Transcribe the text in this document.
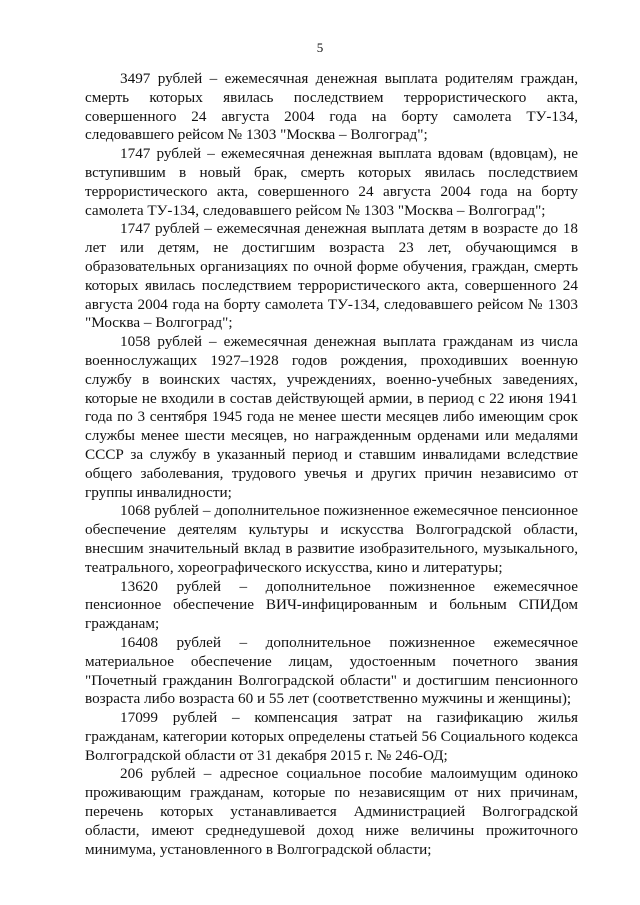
5

3497 рублей – ежемесячная денежная выплата родителям граждан, смерть которых явилась последствием террористического акта, совершенного 24 августа 2004 года на борту самолета ТУ-134, следовавшего рейсом № 1303 "Москва – Волгоград";

1747 рублей – ежемесячная денежная выплата вдовам (вдовцам), не вступившим в новый брак, смерть которых явилась последствием террористического акта, совершенного 24 августа 2004 года на борту самолета ТУ-134, следовавшего рейсом № 1303 "Москва – Волгоград";

1747 рублей – ежемесячная денежная выплата детям в возрасте до 18 лет или детям, не достигшим возраста 23 лет, обучающимся в образовательных организациях по очной форме обучения, граждан, смерть которых явилась последствием террористического акта, совершенного 24 августа 2004 года на борту самолета ТУ-134, следовавшего рейсом № 1303 "Москва – Волгоград";

1058 рублей – ежемесячная денежная выплата гражданам из числа военнослужащих 1927–1928 годов рождения, проходивших военную службу в воинских частях, учреждениях, военно-учебных заведениях, которые не входили в состав действующей армии, в период с 22 июня 1941 года по 3 сентября 1945 года не менее шести месяцев либо имеющим срок службы менее шести месяцев, но награжденным орденами или медалями СССР за службу в указанный период и ставшим инвалидами вследствие общего заболевания, трудового увечья и других причин независимо от группы инвалидности;

1068 рублей – дополнительное пожизненное ежемесячное пенсионное обеспечение деятелям культуры и искусства Волгоградской области, внесшим значительный вклад в развитие изобразительного, музыкального, театрального, хореографического искусства, кино и литературы;

13620 рублей – дополнительное пожизненное ежемесячное пенсионное обеспечение ВИЧ-инфицированным и больным СПИДом гражданам;

16408 рублей – дополнительное пожизненное ежемесячное материальное обеспечение лицам, удостоенным почетного звания "Почетный гражданин Волгоградской области" и достигшим пенсионного возраста либо возраста 60 и 55 лет (соответственно мужчины и женщины);

17099 рублей – компенсация затрат на газификацию жилья гражданам, категории которых определены статьей 56 Социального кодекса Волгоградской области от 31 декабря 2015 г. № 246-ОД;

206 рублей – адресное социальное пособие малоимущим одиноко проживающим гражданам, которые по независящим от них причинам, перечень которых устанавливается Администрацией Волгоградской области, имеют среднедушевой доход ниже величины прожиточного минимума, установленного в Волгоградской области;
